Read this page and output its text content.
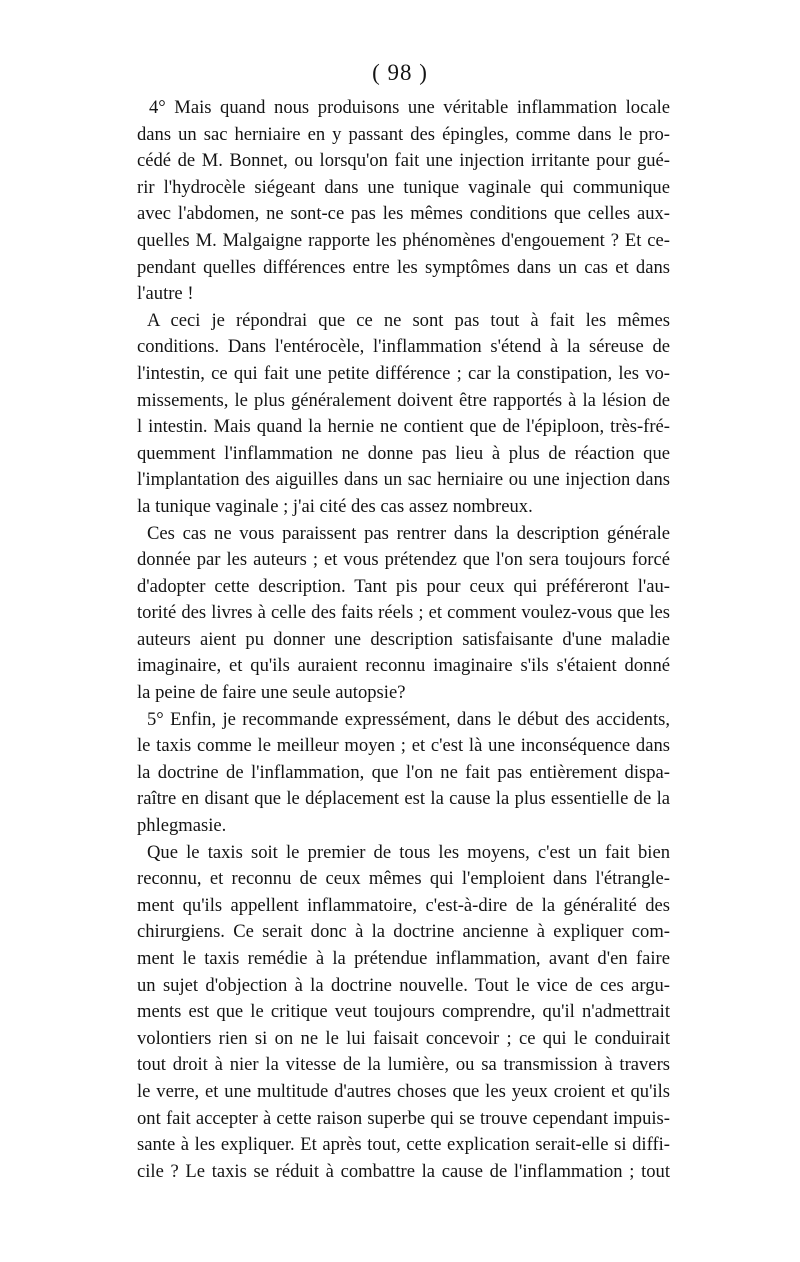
( 98 )
4° Mais quand nous produisons une véritable inflammation locale
dans un sac herniaire en y passant des épingles, comme dans le pro-
cédé de M. Bonnet, ou lorsqu'on fait une injection irritante pour gué-
rir l'hydrocèle siégeant dans une tunique vaginale qui communique
avec l'abdomen, ne sont-ce pas les mêmes conditions que celles aux-
quelles M. Malgaigne rapporte les phénomènes d'engouement ? Et ce-
pendant quelles différences entre les symptômes dans un cas et dans
l'autre !
A ceci je répondrai que ce ne sont pas tout à fait les mêmes
conditions. Dans l'entérocèle, l'inflammation s'étend à la séreuse de
l'intestin, ce qui fait une petite différence ; car la constipation, les vo-
missements, le plus généralement doivent être rapportés à la lésion de
l intestin. Mais quand la hernie ne contient que de l'épiploon, très-fré-
quemment l'inflammation ne donne pas lieu à plus de réaction que
l'implantation des aiguilles dans un sac herniaire ou une injection dans
la tunique vaginale ; j'ai cité des cas assez nombreux.
Ces cas ne vous paraissent pas rentrer dans la description générale
donnée par les auteurs ; et vous prétendez que l'on sera toujours forcé
d'adopter cette description. Tant pis pour ceux qui préféreront l'au-
torité des livres à celle des faits réels ; et comment voulez-vous que les
auteurs aient pu donner une description satisfaisante d'une maladie
imaginaire, et qu'ils auraient reconnu imaginaire s'ils s'étaient donné
la peine de faire une seule autopsie?
5° Enfin, je recommande expressément, dans le début des accidents,
le taxis comme le meilleur moyen ; et c'est là une inconséquence dans
la doctrine de l'inflammation, que l'on ne fait pas entièrement dispa-
raître en disant que le déplacement est la cause la plus essentielle de la
phlegmasie.
Que le taxis soit le premier de tous les moyens, c'est un fait bien
reconnu, et reconnu de ceux mêmes qui l'emploient dans l'étrangle-
ment qu'ils appellent inflammatoire, c'est-à-dire de la généralité des
chirurgiens. Ce serait donc à la doctrine ancienne à expliquer com-
ment le taxis remédie à la prétendue inflammation, avant d'en faire
un sujet d'objection à la doctrine nouvelle. Tout le vice de ces argu-
ments est que le critique veut toujours comprendre, qu'il n'admettrait
volontiers rien si on ne le lui faisait concevoir ; ce qui le conduirait
tout droit à nier la vitesse de la lumière, ou sa transmission à travers
le verre, et une multitude d'autres choses que les yeux croient et qu'ils
ont fait accepter à cette raison superbe qui se trouve cependant impuis-
sante à les expliquer. Et après tout, cette explication serait-elle si diffi-
cile ? Le taxis se réduit à combattre la cause de l'inflammation ; tout
